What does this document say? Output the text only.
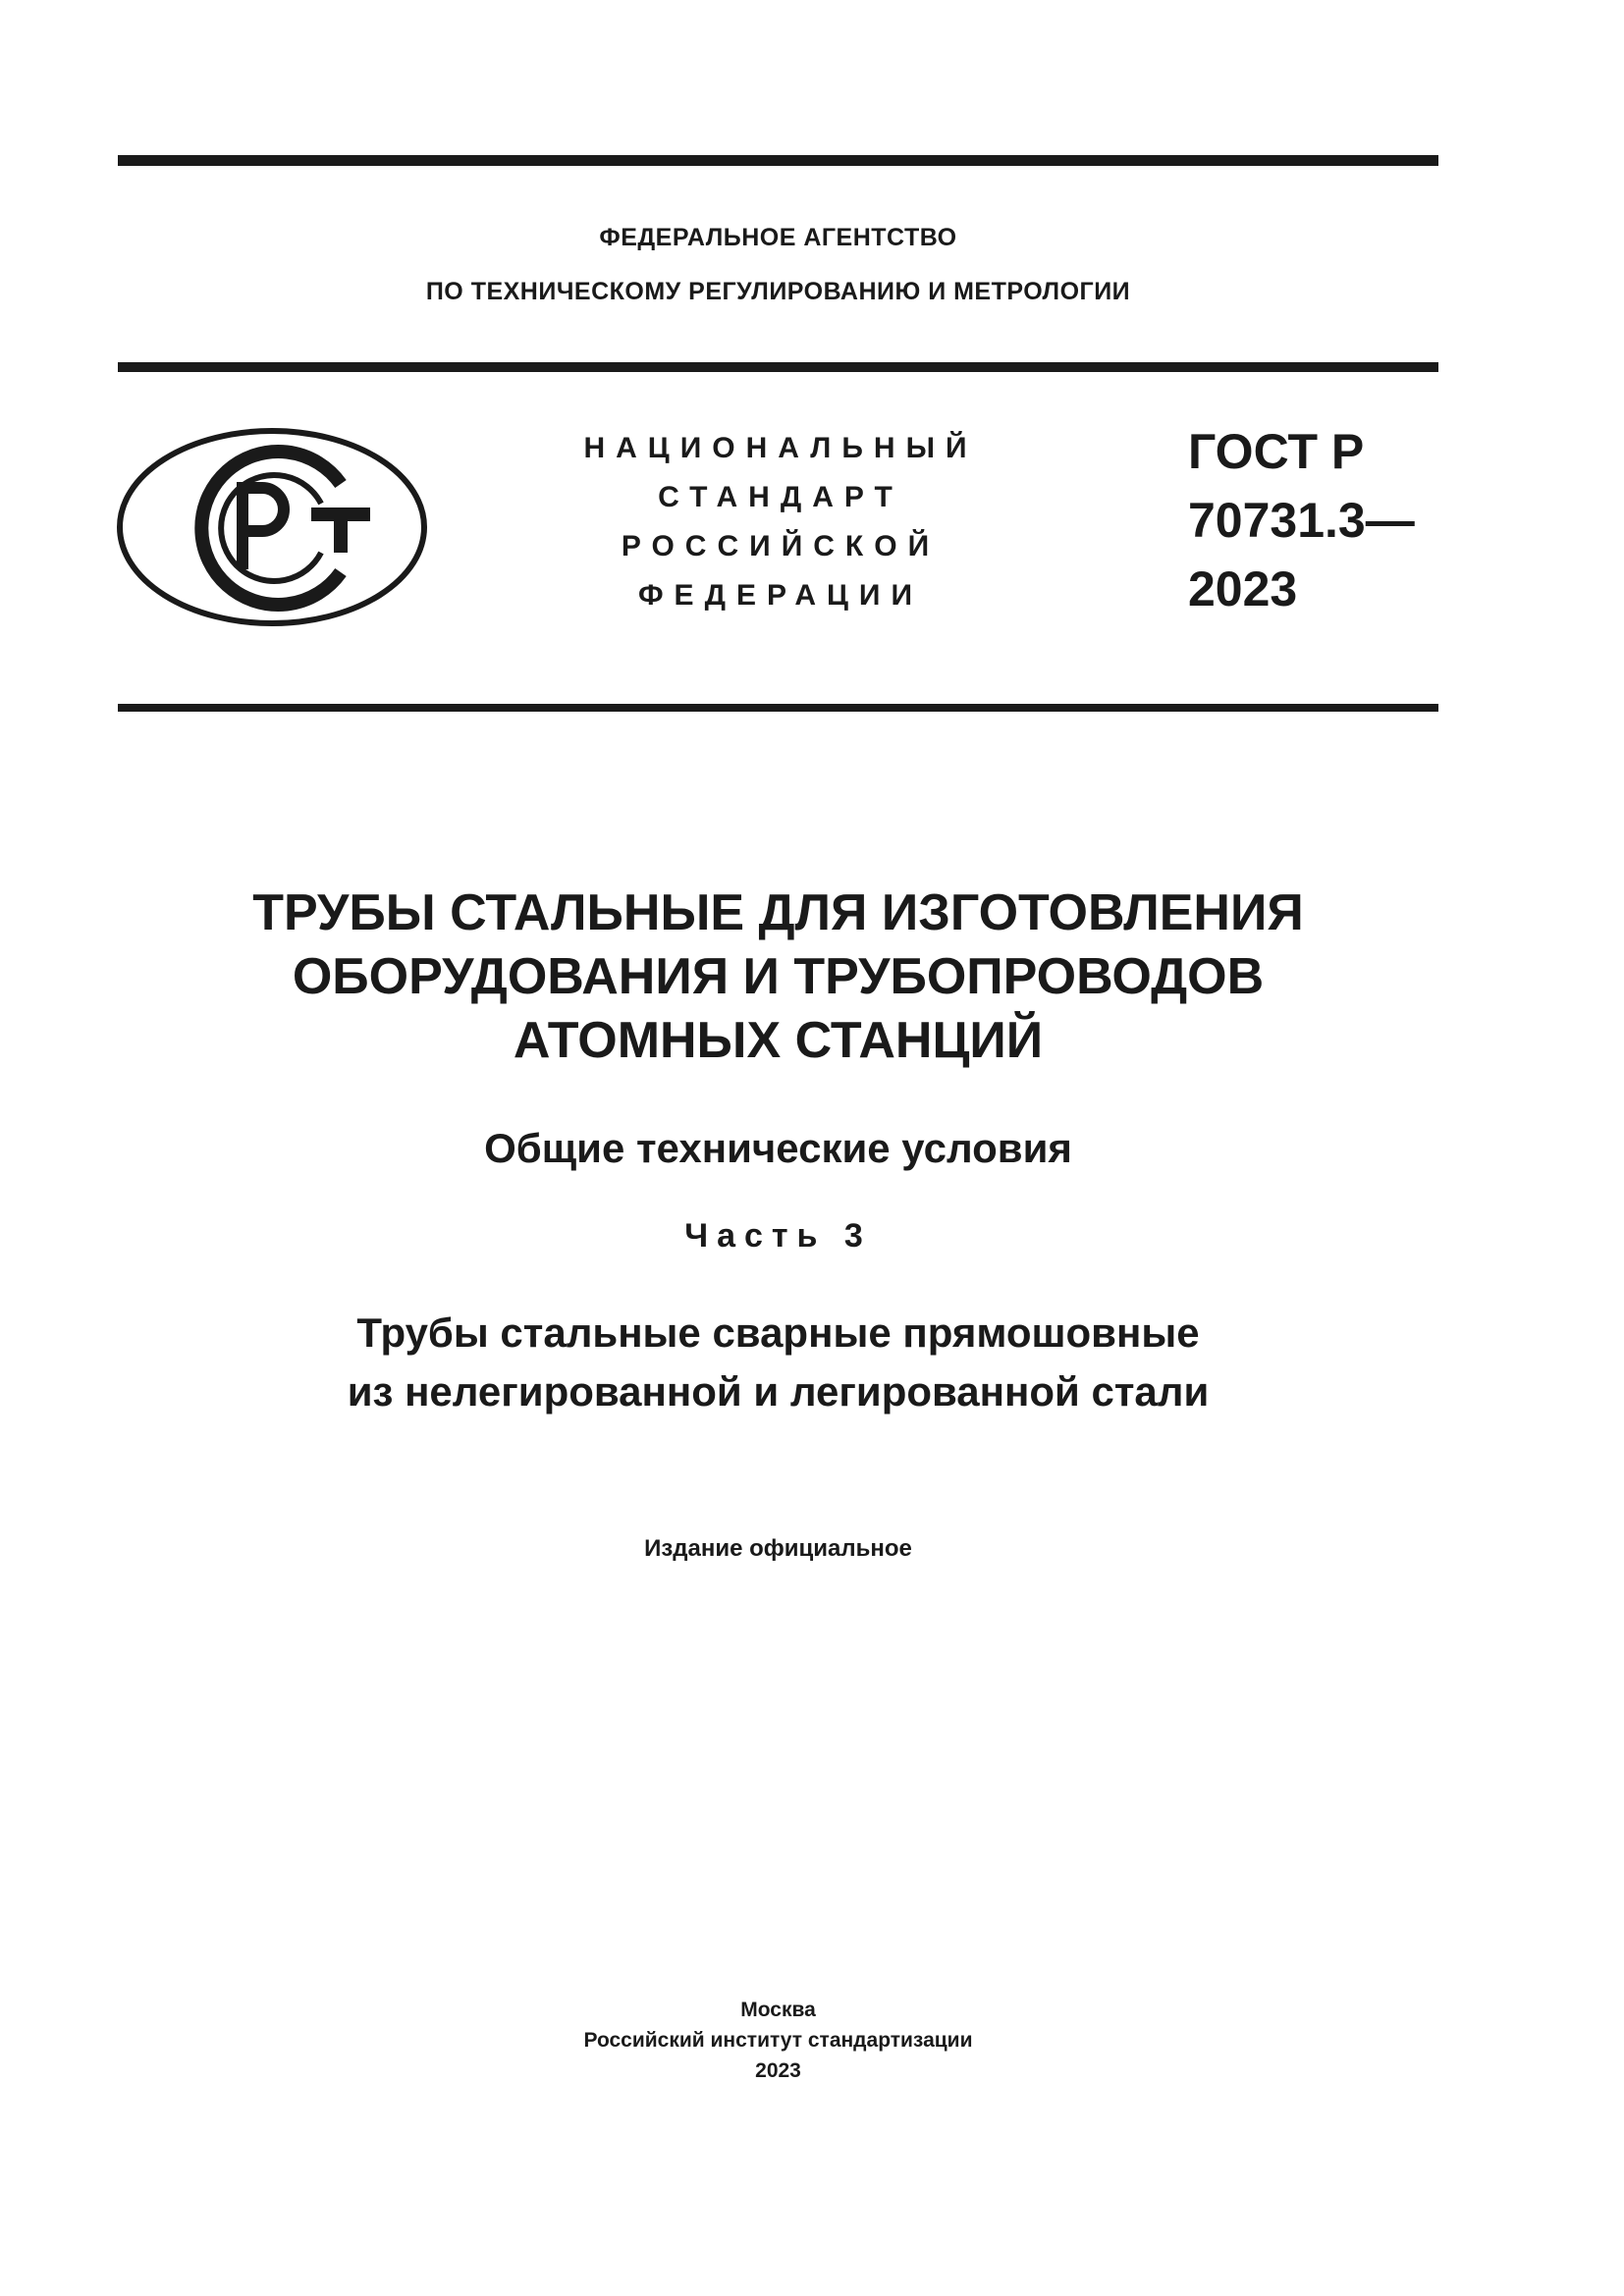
ФЕДЕРАЛЬНОЕ АГЕНТСТВО
ПО ТЕХНИЧЕСКОМУ РЕГУЛИРОВАНИЮ И МЕТРОЛОГИИ
НАЦИОНАЛЬНЫЙ
СТАНДАРТ
РОССИЙСКОЙ
ФЕДЕРАЦИИ
ГОСТ Р
70731.3—
2023
ТРУБЫ СТАЛЬНЫЕ ДЛЯ ИЗГОТОВЛЕНИЯ
ОБОРУДОВАНИЯ И ТРУБОПРОВОДОВ
АТОМНЫХ СТАНЦИЙ
Общие технические условия
Часть 3
Трубы стальные сварные прямошовные
из нелегированной и легированной стали
Издание официальное
Москва
Российский институт стандартизации
2023
